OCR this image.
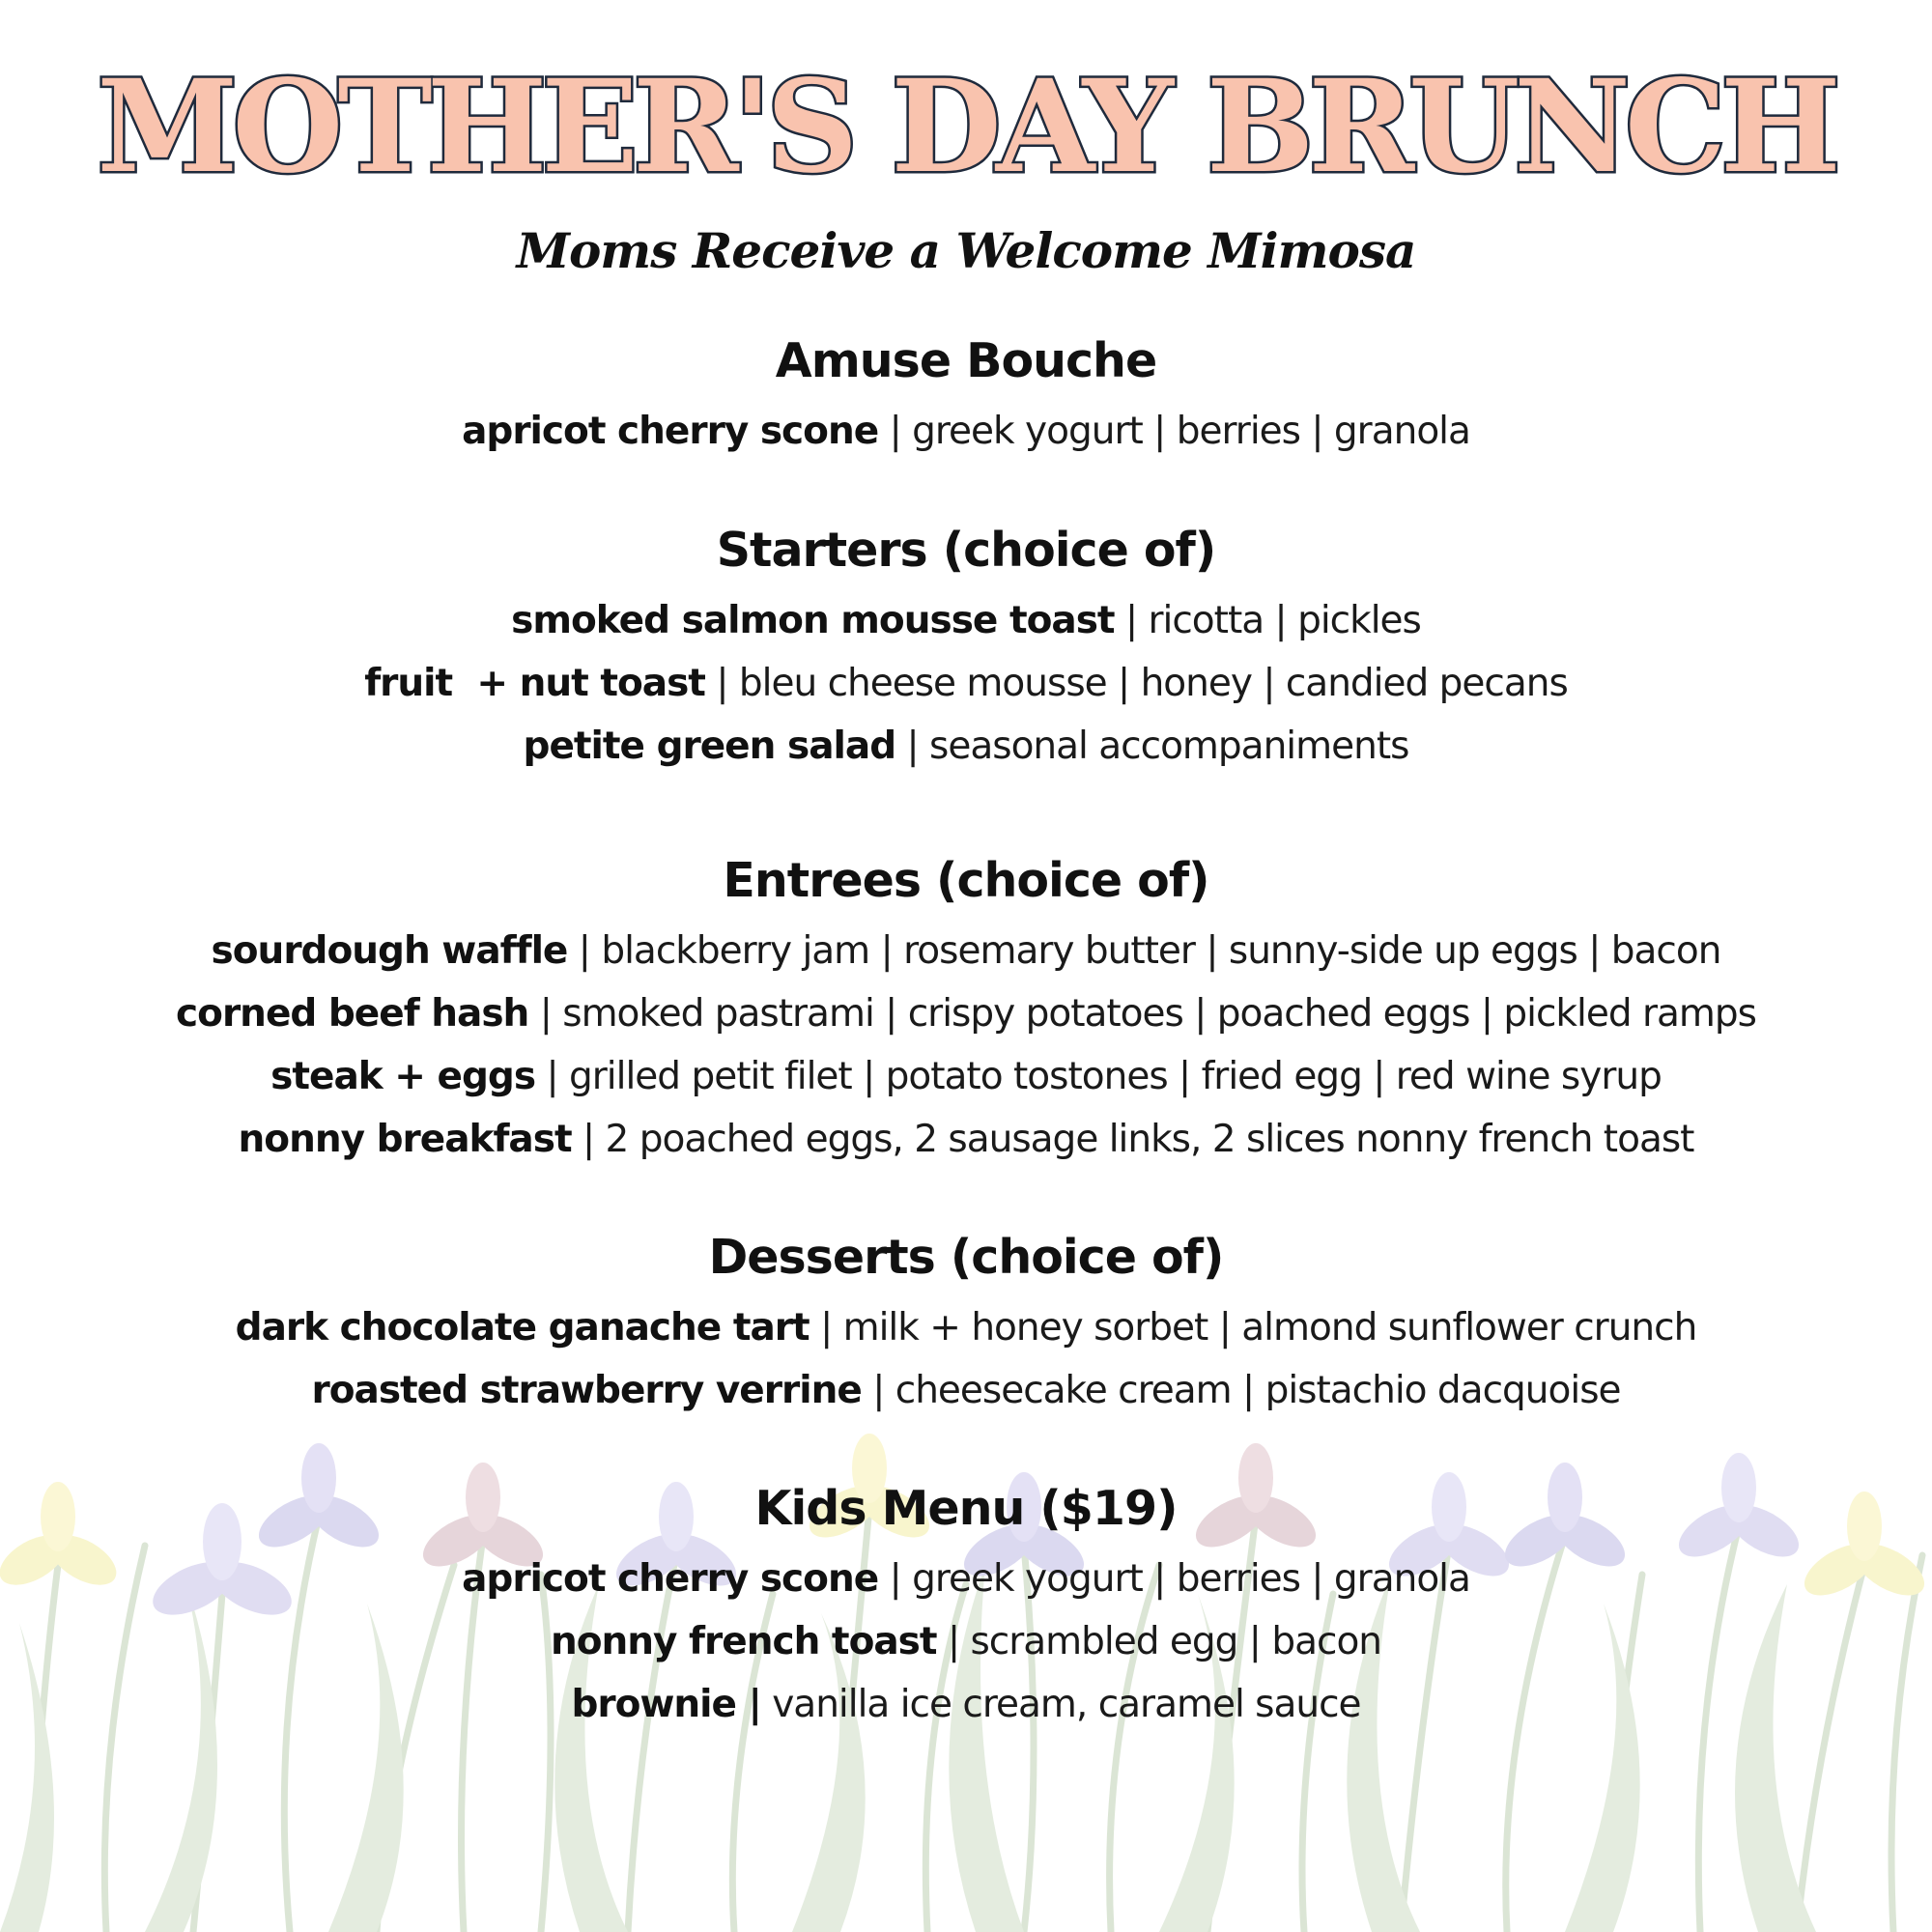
MOTHER'S DAY BRUNCH
Moms Receive a Welcome Mimosa
Amuse Bouche

apricot cherry scone | greek yogurt | berries | granola

Starters (choice of)

smoked salmon mousse toast | ricotta | pickles

fruit  + nut toast | bleu cheese mousse | honey | candied pecans

petite green salad | seasonal accompaniments

Entrees (choice of)

sourdough waffle | blackberry jam | rosemary butter | sunny-side up eggs | bacon

corned beef hash | smoked pastrami | crispy potatoes | poached eggs | pickled ramps

steak + eggs | grilled petit filet | potato tostones | fried egg | red wine syrup

nonny breakfast | 2 poached eggs, 2 sausage links, 2 slices nonny french toast

Desserts (choice of)

dark chocolate ganache tart | milk + honey sorbet | almond sunflower crunch

roasted strawberry verrine | cheesecake cream | pistachio dacquoise

Kids Menu ($19)

apricot cherry scone | greek yogurt | berries | granola

nonny french toast | scrambled egg | bacon

brownie | vanilla ice cream, caramel sauce
